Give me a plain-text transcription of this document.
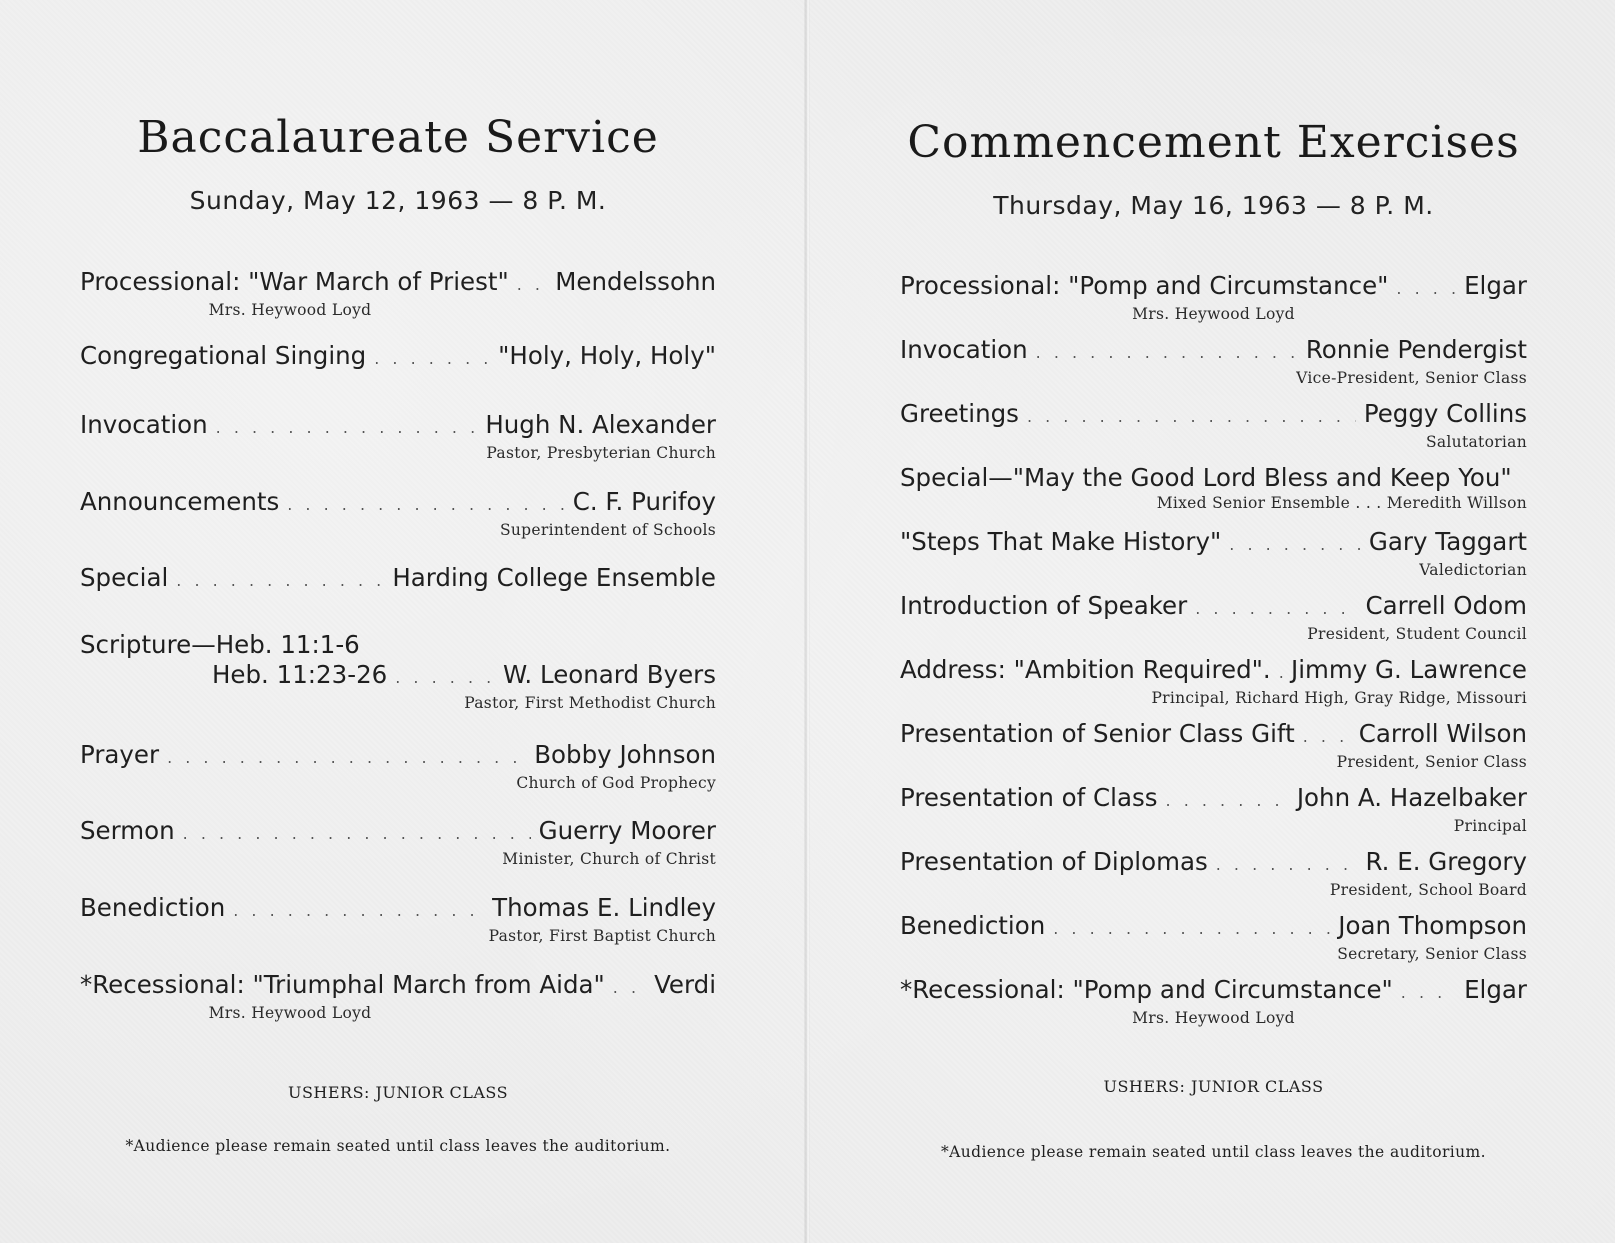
Baccalaureate Service
Sunday, May 12, 1963 — 8 P. M.
Processional: "War March of Priest" . . . Mendelssohn
Mrs. Heywood Loyd
Congregational Singing . . .	"Holy, Holy, Holy"
Invocation . . .	Hugh N. Alexander
Pastor, Presbyterian Church
Announcements . . .	C. F. Purifoy
Superintendent of Schools
Special . . .	Harding College Ensemble
Scripture—Heb. 11:1-6
Heb. 11:23-26 . . .	W. Leonard Byers
Pastor, First Methodist Church
Prayer . . .	Bobby Johnson
Church of God Prophecy
Sermon . . .	Guerry Moorer
Minister, Church of Christ
Benediction . . .	Thomas E. Lindley
Pastor, First Baptist Church
*Recessional: "Triumphal March from Aida" . . . Verdi
Mrs. Heywood Loyd
USHERS: JUNIOR CLASS
*Audience please remain seated until class leaves the auditorium.
Commencement Exercises
Thursday, May 16, 1963 — 8 P. M.
Processional: "Pomp and Circumstance" . . .	Elgar
Mrs. Heywood Loyd
Invocation . . .	Ronnie Pendergist
Vice-President, Senior Class
Greetings . . .	Peggy Collins
Salutatorian
Special—"May the Good Lord Bless and Keep You"
Mixed Senior Ensemble . . . Meredith Willson
"Steps That Make History" . . .	Gary Taggart
Valedictorian
Introduction of Speaker . . .	Carrell Odom
President, Student Council
Address: "Ambition Required". . . . Jimmy G. Lawrence
Principal, Richard High, Gray Ridge, Missouri
Presentation of Senior Class Gift . . .	Carroll Wilson
President, Senior Class
Presentation of Class . . .	John A. Hazelbaker
Principal
Presentation of Diplomas . . .	R. E. Gregory
President, School Board
Benediction . . .	Joan Thompson
Secretary, Senior Class
*Recessional: "Pomp and Circumstance" . . .	Elgar
Mrs. Heywood Loyd
USHERS: JUNIOR CLASS
*Audience please remain seated until class leaves the auditorium.
